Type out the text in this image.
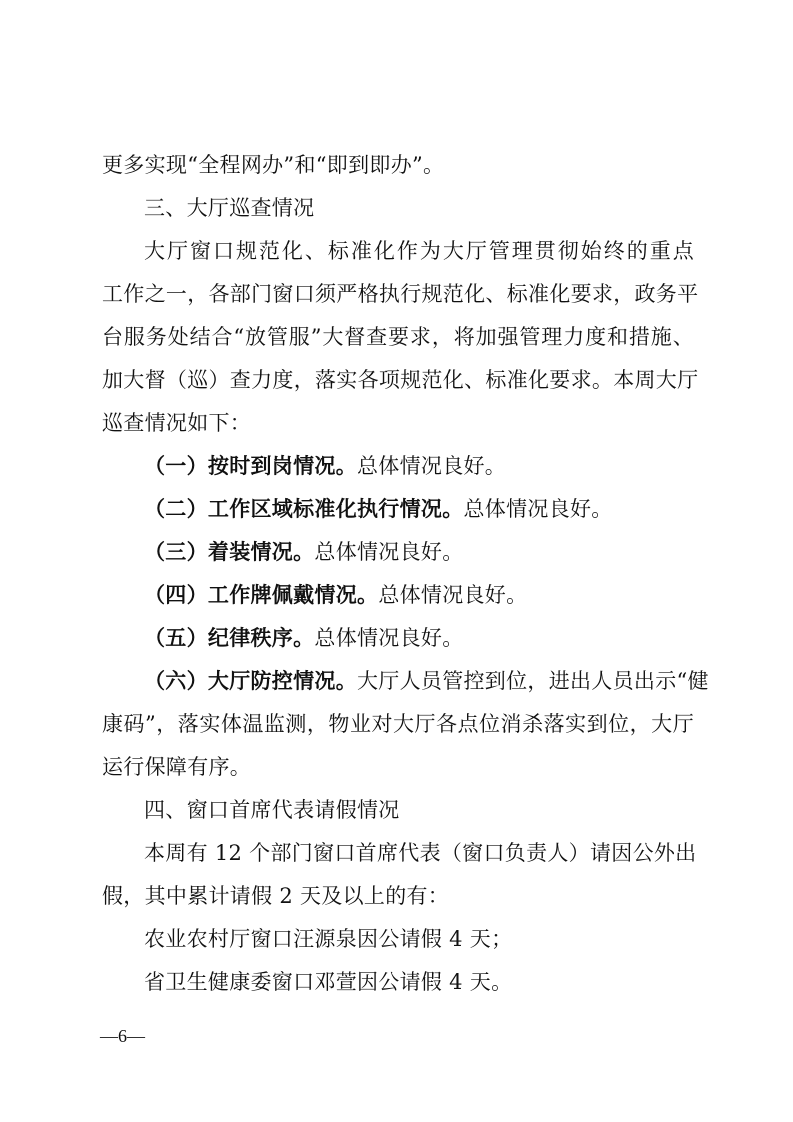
更多实现“全程网办”和“即到即办”。
三、大厅巡查情况
大厅窗口规范化、标准化作为大厅管理贯彻始终的重点
工作之一，各部门窗口须严格执行规范化、标准化要求，政务平
台服务处结合“放管服”大督查要求，将加强管理力度和措施、
加大督（巡）查力度，落实各项规范化、标准化要求。本周大厅
巡查情况如下：
（一）按时到岗情况。总体情况良好。
（二）工作区域标准化执行情况。总体情况良好。
（三）着装情况。总体情况良好。
（四）工作牌佩戴情况。总体情况良好。
（五）纪律秩序。总体情况良好。
（六）大厅防控情况。大厅人员管控到位，进出人员出示“健
康码”，落实体温监测，物业对大厅各点位消杀落实到位，大厅
运行保障有序。
四、窗口首席代表请假情况
本周有 12 个部门窗口首席代表（窗口负责人）请因公外出
假，其中累计请假 2 天及以上的有：
农业农村厅窗口汪源泉因公请假 4 天；
省卫生健康委窗口邓萱因公请假 4 天。
—6—
